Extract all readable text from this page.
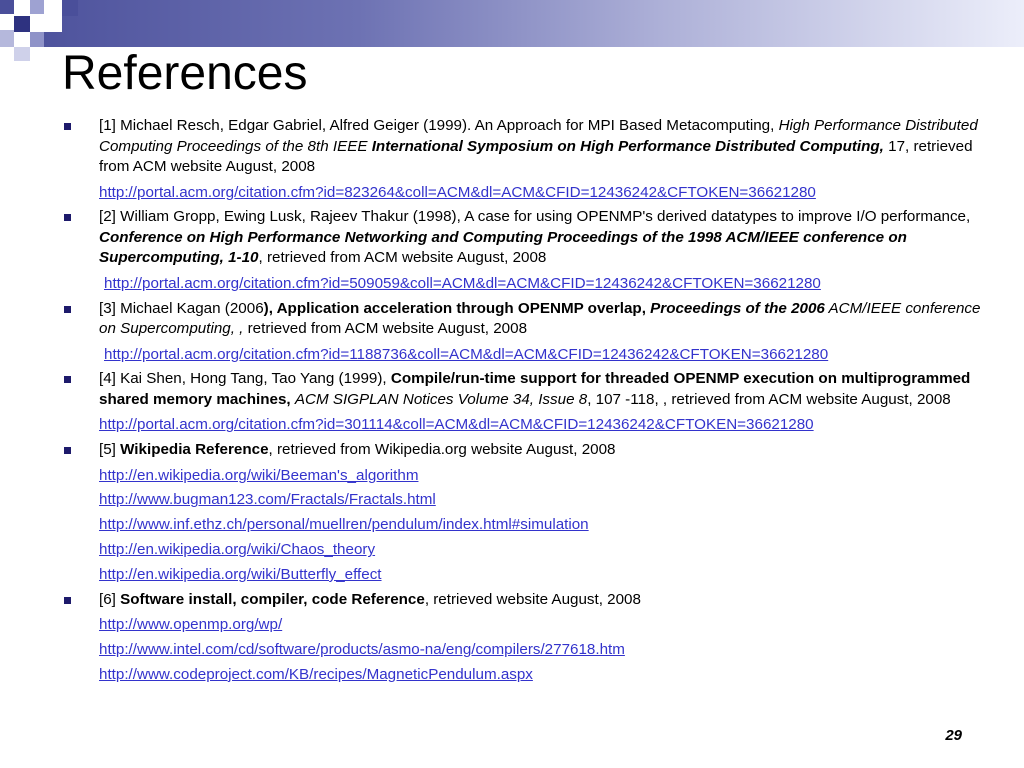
References
[1] Michael Resch, Edgar Gabriel, Alfred Geiger (1999). An Approach for MPI Based Metacomputing, High Performance Distributed Computing Proceedings of the 8th IEEE International Symposium on High Performance Distributed Computing, 17, retrieved from ACM website August, 2008
http://portal.acm.org/citation.cfm?id=823264&coll=ACM&dl=ACM&CFID=12436242&CFTOKEN=36621280
[2] William Gropp, Ewing Lusk, Rajeev Thakur (1998), A case for using OPENMP's derived datatypes to improve I/O performance, Conference on High Performance Networking and Computing Proceedings of the 1998 ACM/IEEE conference on Supercomputing, 1-10, retrieved from ACM website August, 2008
http://portal.acm.org/citation.cfm?id=509059&coll=ACM&dl=ACM&CFID=12436242&CFTOKEN=36621280
[3] Michael Kagan (2006), Application acceleration through OPENMP overlap, Proceedings of the 2006 ACM/IEEE conference on Supercomputing, , retrieved from ACM website August, 2008
http://portal.acm.org/citation.cfm?id=1188736&coll=ACM&dl=ACM&CFID=12436242&CFTOKEN=36621280
[4] Kai Shen, Hong Tang, Tao Yang (1999), Compile/run-time support for threaded OPENMP execution on multiprogrammed shared memory machines, ACM SIGPLAN Notices Volume 34, Issue 8, 107 -118, , retrieved from ACM website August, 2008
http://portal.acm.org/citation.cfm?id=301114&coll=ACM&dl=ACM&CFID=12436242&CFTOKEN=36621280
[5] Wikipedia Reference, retrieved from Wikipedia.org website August, 2008
http://en.wikipedia.org/wiki/Beeman's_algorithm
http://www.bugman123.com/Fractals/Fractals.html
http://www.inf.ethz.ch/personal/muellren/pendulum/index.html#simulation
http://en.wikipedia.org/wiki/Chaos_theory
http://en.wikipedia.org/wiki/Butterfly_effect
[6] Software install, compiler, code Reference, retrieved website August, 2008
http://www.openmp.org/wp/
http://www.intel.com/cd/software/products/asmo-na/eng/compilers/277618.htm
http://www.codeproject.com/KB/recipes/MagneticPendulum.aspx
29
